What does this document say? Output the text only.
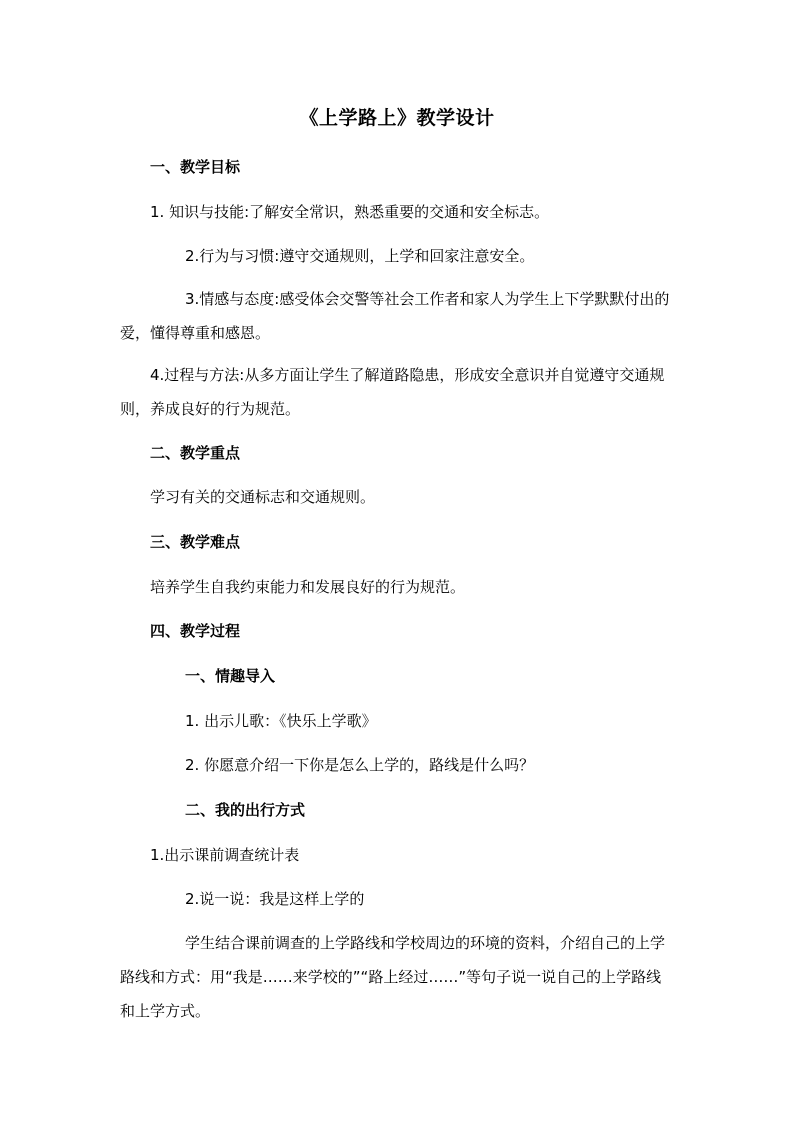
《上学路上》教学设计
一、教学目标
1. 知识与技能:了解安全常识，熟悉重要的交通和安全标志。
2.行为与习惯:遵守交通规则，上学和回家注意安全。
3.情感与态度:感受体会交警等社会工作者和家人为学生上下学默默付出的爱，懂得尊重和感恩。
4.过程与方法:从多方面让学生了解道路隐患，形成安全意识并自觉遵守交通规则，养成良好的行为规范。
二、教学重点
学习有关的交通标志和交通规则。
三、教学难点
培养学生自我约束能力和发展良好的行为规范。
四、教学过程
一、情趣导入
1. 出示儿歌：《快乐上学歌》
2. 你愿意介绍一下你是怎么上学的，路线是什么吗？
二、我的出行方式
1.出示课前调查统计表
2.说一说：我是这样上学的
学生结合课前调查的上学路线和学校周边的环境的资料，介绍自己的上学路线和方式：用“我是……来学校的”“路上经过……”等句子说一说自己的上学路线和上学方式。
